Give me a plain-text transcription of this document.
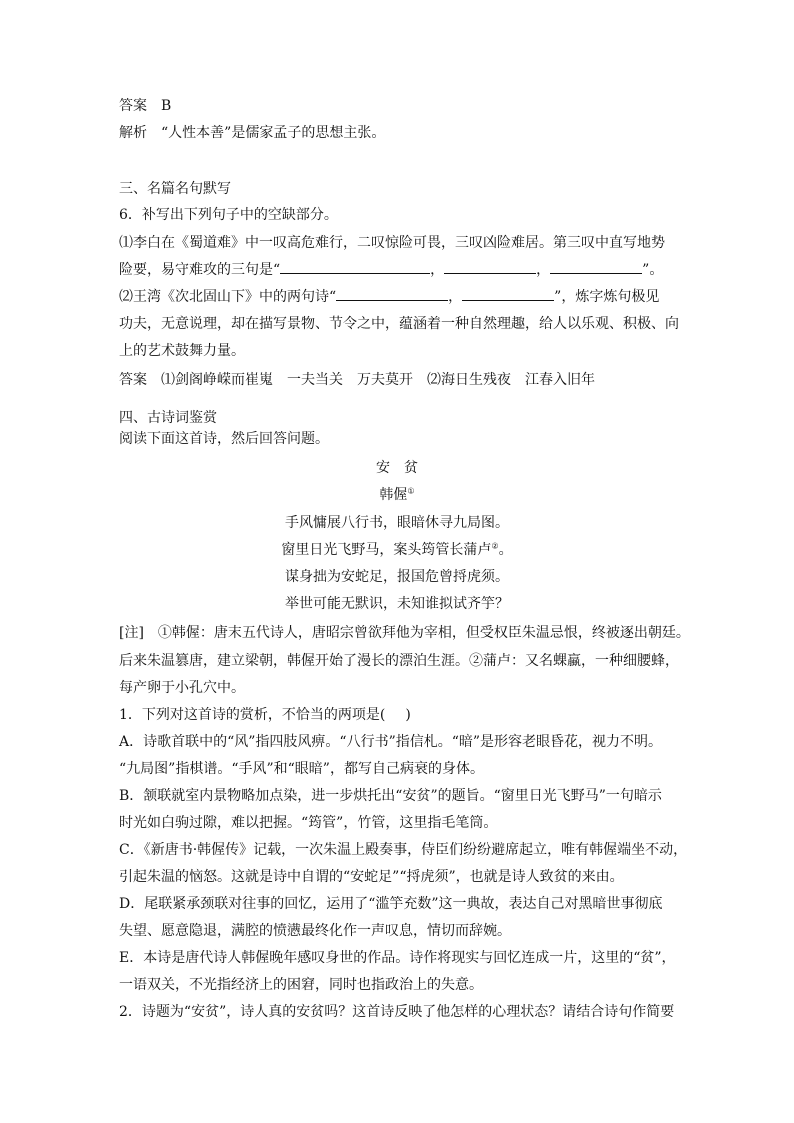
答案 B
解析 “人性本善”是儒家孟子的思想主张。
三、名篇名句默写
6．补写出下列句子中的空缺部分。
⑴李白在《蜀道难》中一叹高危难行，二叹惊险可畏，三叹凶险难居。第三叹中直写地势
险要，易守难攻的三句是“	，	，	”。
⑵王湾《次北固山下》中的两句诗“	，	”，炼字炼句极见
功夫，无意说理，却在描写景物、节令之中，蕴涵着一种自然理趣，给人以乐观、积极、向
上的艺术鼓舞力量。
答案 ⑴剑阁峥嵘而崔嵬　一夫当关　万夫莫开　⑵海日生残夜　江春入旧年
四、古诗词鉴赏
阅读下面这首诗，然后回答问题。
安　贫
韩偓①
手风慵展八行书，眼暗休寻九局图。
窗里日光飞野马，案头筠管长蒲卢②。
谋身拙为安蛇足，报国危曾捋虎须。
举世可能无默识，未知谁拟试齐竽？
[注]　①韩偓：唐末五代诗人，唐昭宗曾欲拜他为宰相，但受权臣朱温忌恨，终被逐出朝廷。
后来朱温篡唐，建立梁朝，韩偓开始了漫长的漂泊生涯。②蒲卢：又名蜾蠃，一种细腰蜂，
每产卵于小孔穴中。
1．下列对这首诗的赏析，不恰当的两项是( )
A．诗歌首联中的“风”指四肢风痹。“八行书”指信札。“暗”是形容老眼昏花，视力不明。
“九局图”指棋谱。“手风”和“眼暗”，都写自己病衰的身体。
B．颔联就室内景物略加点染，进一步烘托出“安贫”的题旨。“窗里日光飞野马”一句暗示
时光如白驹过隙，难以把握。“筠管”，竹管，这里指毛笔筒。
C．《新唐书·韩偓传》记载，一次朱温上殿奏事，侍臣们纷纷避席起立，唯有韩偓端坐不动，
引起朱温的恼怒。这就是诗中自谓的“安蛇足”“捋虎须”，也就是诗人致贫的来由。
D．尾联紧承颈联对往事的回忆，运用了“滥竽充数”这一典故，表达自己对黑暗世事彻底
失望、愿意隐退，满腔的愤懑最终化作一声叹息，情切而辞婉。
E．本诗是唐代诗人韩偓晚年感叹身世的作品。诗作将现实与回忆连成一片，这里的“贫”，
一语双关，不光指经济上的困窘，同时也指政治上的失意。
2．诗题为“安贫”，诗人真的安贫吗？这首诗反映了他怎样的心理状态？请结合诗句作简要
